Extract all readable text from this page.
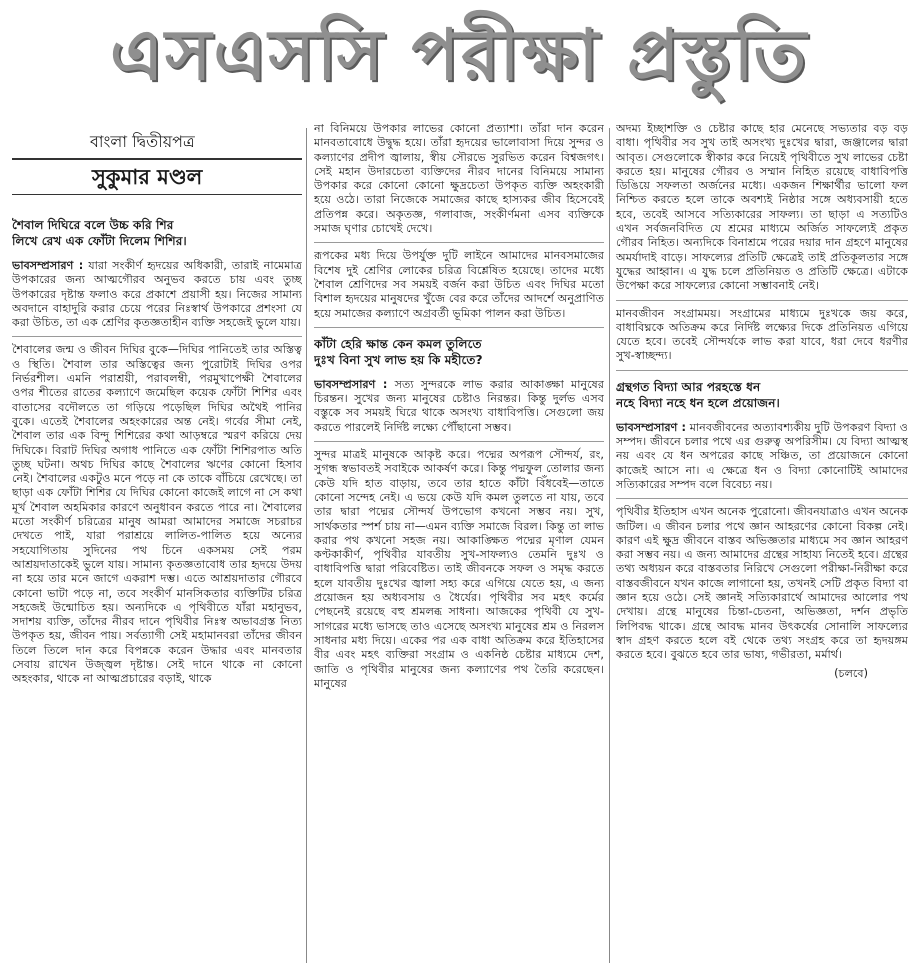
এসএসসি পরীক্ষা প্রস্তুতি
বাংলা দ্বিতীয়পত্র
সুকুমার মণ্ডল
শৈবাল দিঘিরে বলে উচ্চ করি শির
লিখে রেখ এক ফোঁটা দিলেম শিশির।

ভাবসম্প্রসারণ : যারা সংকীর্ণ হৃদয়ের অধিকারী, তারাই নামেমাত্র উপকারের জন্য আত্মগৌরব অনুভব করতে চায় এবং তুচ্ছ উপকারের দৃষ্টান্ত ফলাও করে প্রকাশে প্রয়াসী হয়। নিজের সামান্য অবদানে বাহাদুরি করার চেয়ে পরের নিঃস্বার্থ উপকারে প্রশংসা যে করা উচিত, তা এক শ্রেণির কৃতজ্ঞতাহীন ব্যক্তি সহজেই ভুলে যায়।

শৈবালের জন্ম ও জীবন দিঘির বুকে—দিঘির পানিতেই তার অস্তিত্ব ও স্থিতি। শৈবাল তার অস্তিত্বের জন্য পুরোটাই দিঘির ওপর নির্ভরশীল। এমনি পরাশ্রয়ী, পরাবলম্বী, পরমুখাপেক্ষী শৈবালের ওপর শীতের রাতের কল্যাণে জমেছিল কয়েক ফোঁটা শিশির এবং বাতাসের বদৌলতে তা গড়িয়ে পড়েছিল দিঘির অথৈই পানির বুকে। এতেই শৈবালের অহংকারের অন্ত নেই। গর্বের সীমা নেই, শৈবাল তার এক বিন্দু শিশিরের কথা আড়ম্বরে স্মরণ করিয়ে দেয় দিঘিকে। বিরাট দিঘির অগাধ পানিতে এক ফোঁটা শিশিরপাত অতি তুচ্ছ ঘটনা। অথচ দিঘির কাছে শৈবালের ঋণের কোনো হিসাব নেই। শৈবালের একটুও মনে পড়ে না কে তাকে বাঁচিয়ে রেখেছে। তা ছাড়া এক ফোঁটা শিশির যে দিঘির কোনো কাজেই লাগে না সে কথা মূর্খ শৈবাল অহমিকার কারণে অনুধাবন করতে পারে না। শৈবালের মতো সংকীর্ণ চরিত্রের মানুষ আমরা আমাদের সমাজে সচরাচর দেখতে পাই, যারা পরাশ্রয়ে লালিত-পালিত হয়ে অন্যের সহযোগিতায় সুদিনের পথ চিনে একসময় সেই পরম আশ্রয়দাতাকেই ভুলে যায়। সামান্য কৃতজ্ঞতাবোধ তার হৃদয়ে উদয় না হয়ে তার মনে জাগে একরাশ দম্ভ। এতে আশ্রয়দাতার গৌরবে কোনো ভাটা পড়ে না, তবে সংকীর্ণ মানসিকতার ব্যক্তিটির চরিত্র সহজেই উন্মোচিত হয়। অন্যদিকে এ পৃথিবীতে যাঁরা মহানুভব, সদাশয় ব্যক্তি, তাঁদের নীরব দানে পৃথিবীর নিঃস্ব অভাবগ্রস্ত নিত্য উপকৃত হয়, জীবন পায়। সর্বত্যাগী সেই মহামানবরা তাঁদের জীবন তিলে তিলে দান করে বিপন্নকে করেন উদ্ধার এবং মানবতার সেবায় রাখেন উজ্জ্বল দৃষ্টান্ত। সেই দানে থাকে না কোনো অহংকার, থাকে না আত্মপ্রচারের বড়াই, থাকে

না বিনিময়ে উপকার লাভের কোনো প্রত্যাশা। তাঁরা দান করেন মানবতাবোধে উদ্বুদ্ধ হয়ে। তাঁরা হৃদয়ের ভালোবাসা দিয়ে সুন্দর ও কল্যাণের প্রদীপ জ্বালায়, স্বীয় সৌরভে সুরভিত করেন বিশ্বজগৎ। সেই মহান উদারচেতা ব্যক্তিদের নীরব দানের বিনিময়ে সামান্য উপকার করে কোনো কোনো ক্ষুদ্রচেতা উপকৃত ব্যক্তি অহংকারী হয়ে ওঠে। তারা নিজেকে সমাজের কাছে হাস্যকর জীব হিসেবেই প্রতিপন্ন করে। অকৃতজ্ঞ, গলাবাজ, সংকীর্ণমনা এসব ব্যক্তিকে সমাজ ঘৃণার চোখেই দেখে।

রূপকের মধ্য দিয়ে উপর্যুক্ত দুটি লাইনে আমাদের মানবসমাজের বিশেষ দুই শ্রেণির লোকের চরিত্র বিশ্লেষিত হয়েছে। তাদের মধ্যে শৈবাল শ্রেণিদের সব সময়ই বর্জন করা উচিত এবং দিঘির মতো বিশাল হৃদয়ের মানুষদের খুঁজে বের করে তাঁদের আদর্শে অনুপ্রাণিত হয়ে সমাজের কল্যাণে অগ্রবর্তী ভূমিকা পালন করা উচিত।

কাঁটা হেরি ক্ষান্ত কেন কমল তুলিতে
দুঃখ বিনা সুখ লাভ হয় কি মহীতে?

ভাবসম্প্রসারণ : সত্য সুন্দরকে লাভ করার আকাঙ্ক্ষা মানুষের চিরন্তন। সুখের জন্য মানুষের চেষ্টাও নিরন্তর। কিন্তু দুর্লভ এসব বস্তুকে সব সময়ই ঘিরে থাকে অসংখ্য বাধাবিপত্তি। সেগুলো জয় করতে পারলেই নির্দিষ্ট লক্ষ্যে পৌঁছানো সম্ভব।

সুন্দর মাত্রই মানুষকে আকৃষ্ট করে। পদ্মের অপরূপ সৌন্দর্য, রং, সুগন্ধ স্বভাবতই সবাইকে আকর্ষণ করে। কিন্তু পদ্মফুল তোলার জন্য কেউ যদি হাত বাড়ায়, তবে তার হাতে কাঁটা বিঁধবেই—তাতে কোনো সন্দেহ নেই। এ ভয়ে কেউ যদি কমল তুলতে না যায়, তবে তার দ্বারা পদ্মের সৌন্দর্য উপভোগ কখনো সম্ভব নয়। সুখ, সার্থকতার স্পর্শ চায় না—এমন ব্যক্তি সমাজে বিরল। কিন্তু তা লাভ করার পথ কখনো সহজ নয়। আকাঙ্ক্ষিত পদ্মের মৃণাল যেমন কণ্টকাকীর্ণ, পৃথিবীর যাবতীয় সুখ-সাফল্যও তেমনি দুঃখ ও বাধাবিপত্তি দ্বারা পরিবেষ্টিত। তাই জীবনকে সফল ও সমৃদ্ধ করতে হলে যাবতীয় দুঃখের জ্বালা সহ্য করে এগিয়ে যেতে হয়, এ জন্য প্রয়োজন হয় অধ্যবসায় ও ধৈর্যের। পৃথিবীর সব মহৎ কর্মের পেছনেই রয়েছে বহু শ্রমলব্ধ সাধনা। আজকের পৃথিবী যে সুখ-সাগরের মধ্যে ভাসছে তাও এসেছে অসংখ্য মানুষের শ্রম ও নিরলস সাধনার মধ্য দিয়ে। একের পর এক বাধা অতিক্রম করে ইতিহাসের বীর এবং মহৎ ব্যক্তিরা সংগ্রাম ও একনিষ্ঠ চেষ্টার মাধ্যমে দেশ, জাতি ও পৃথিবীর মানুষের জন্য কল্যাণের পথ তৈরি করেছেন। মানুষের

অদম্য ইচ্ছাশক্তি ও চেষ্টার কাছে হার মেনেছে সভ্যতার বড় বড় বাধা। পৃথিবীর সব সুখ তাই অসংখ্য দুঃখের দ্বারা, জঞ্জালের দ্বারা আবৃত। সেগুলোকে স্বীকার করে নিয়েই পৃথিবীতে সুখ লাভের চেষ্টা করতে হয়। মানুষের গৌরব ও সম্মান নিহিত রয়েছে বাধাবিপত্তি ডিঙিয়ে সফলতা অর্জনের মধ্যে। একজন শিক্ষার্থীর ভালো ফল নিশ্চিত করতে হলে তাকে অবশ্যই নিষ্ঠার সঙ্গে অধ্যবসায়ী হতে হবে, তবেই আসবে সত্যিকারের সাফল্য। তা ছাড়া এ সত্যটিও এখন সর্বজনবিদিত যে শ্রমের মাধ্যমে অর্জিত সাফল্যেই প্রকৃত গৌরব নিহিত। অন্যদিকে বিনাশ্রমে পরের দয়ার দান গ্রহণে মানুষের অমর্যাদাই বাড়ে। সাফল্যের প্রতিটি ক্ষেত্রেই তাই প্রতিকূলতার সঙ্গে যুদ্ধের আহ্বান। এ যুদ্ধ চলে প্রতিনিয়ত ও প্রতিটি ক্ষেত্রে। এটাকে উপেক্ষা করে সাফল্যের কোনো সম্ভাবনাই নেই।

মানবজীবন সংগ্রামময়। সংগ্রামের মাধ্যমে দুঃখকে জয় করে, বাধাবিঘ্নকে অতিক্রম করে নির্দিষ্ট লক্ষ্যের দিকে প্রতিনিয়ত এগিয়ে যেতে হবে। তবেই সৌন্দর্যকে লাভ করা যাবে, ধরা দেবে ধরণীর সুখ-স্বাচ্ছন্দ্য।

গ্রন্থগত বিদ্যা আর পরহস্তে ধন
নহে বিদ্যা নহে ধন হলে প্রয়োজন।

ভাবসম্প্রসারণ : মানবজীবনের অত্যাবশ্যকীয় দুটি উপকরণ বিদ্যা ও সম্পদ। জীবনে চলার পথে এর গুরুত্ব অপরিসীম। যে বিদ্যা আত্মস্থ নয় এবং যে ধন অপরের কাছে সঞ্চিত, তা প্রয়োজনে কোনো কাজেই আসে না। এ ক্ষেত্রে ধন ও বিদ্যা কোনোটিই আমাদের সত্যিকারের সম্পদ বলে বিবেচ্য নয়।

পৃথিবীর ইতিহাস এখন অনেক পুরোনো। জীবনযাত্রাও এখন অনেক জটিল। এ জীবন চলার পথে জ্ঞান আহরণের কোনো বিকল্প নেই। কারণ এই ক্ষুদ্র জীবনে বাস্তব অভিজ্ঞতার মাধ্যমে সব জ্ঞান আহরণ করা সম্ভব নয়। এ জন্য আমাদের গ্রন্থের সাহায্য নিতেই হবে। গ্রন্থের তথ্য অধ্যয়ন করে বাস্তবতার নিরিখে সেগুলো পরীক্ষা-নিরীক্ষা করে বাস্তবজীবনে যখন কাজে লাগানো হয়, তখনই সেটি প্রকৃত বিদ্যা বা জ্ঞান হয়ে ওঠে। সেই জ্ঞানই সত্যিকারার্থে আমাদের আলোর পথ দেখায়। গ্রন্থে মানুষের চিন্তা-চেতনা, অভিজ্ঞতা, দর্শন প্রভৃতি লিপিবদ্ধ থাকে। গ্রন্থে আবদ্ধ মানব উৎকর্ষের সোনালি সাফল্যের স্বাদ গ্রহণ করতে হলে বই থেকে তথ্য সংগ্রহ করে তা হৃদয়ঙ্গম করতে হবে। বুঝতে হবে তার ভাষ্য, গভীরতা, মর্মার্থ।

(চলবে)
